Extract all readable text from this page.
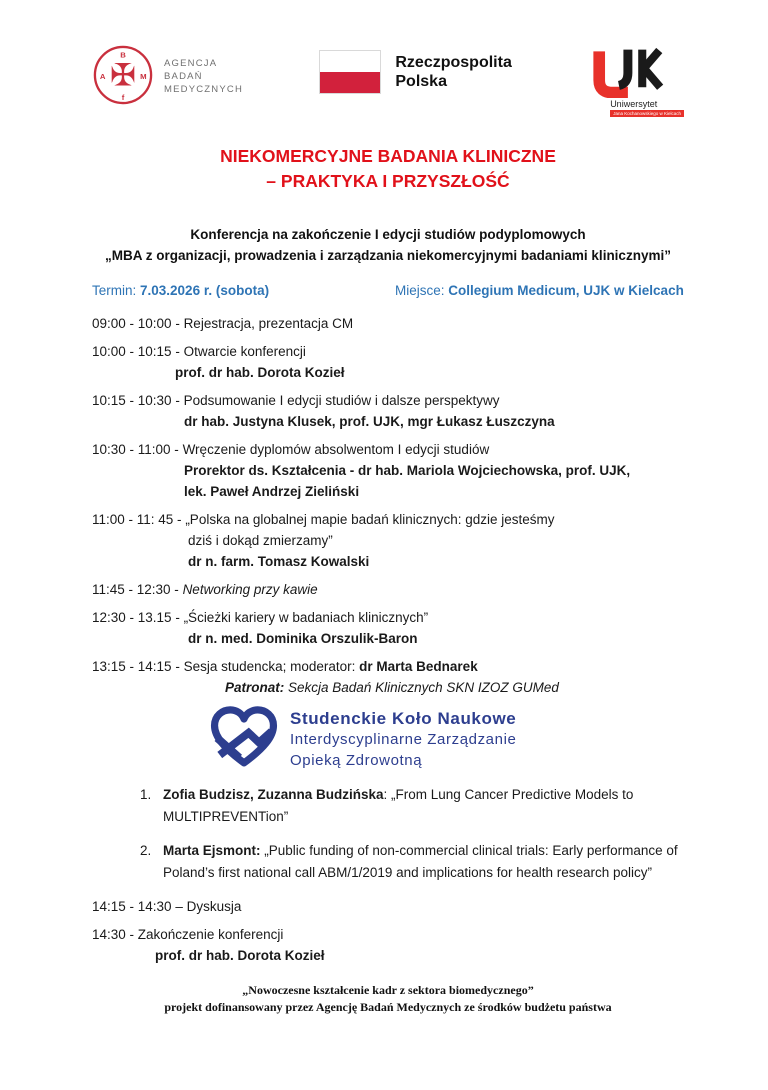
✠
B
A	M
f
AGENCJA
BADAŃ
MEDYCZNYCH
Rzeczpospolita
Polska
Uniwersytet
Jana Kochanowskiego w Kielcach
NIEKOMERCYJNE BADANIA KLINICZNE
– PRAKTYKA I PRZYSZŁOŚĆ
Konferencja na zakończenie I edycji studiów podyplomowych
„MBA z organizacji, prowadzenia i zarządzania niekomercyjnymi badaniami klinicznymi”
Termin: 7.03.2026 r. (sobota)	Miejsce: Collegium Medicum, UJK w Kielcach
09:00 - 10:00 - Rejestracja, prezentacja CM
10:00 - 10:15 - Otwarcie konferencji
prof. dr hab. Dorota Kozieł
10:15 - 10:30 - Podsumowanie I edycji studiów i dalsze perspektywy
dr hab. Justyna Klusek, prof. UJK, mgr Łukasz Łuszczyna
10:30 - 11:00 - Wręczenie dyplomów absolwentom I edycji studiów
Prorektor ds. Kształcenia - dr hab. Mariola Wojciechowska, prof. UJK,
lek. Paweł Andrzej Zieliński
11:00 - 11: 45 - „Polska na globalnej mapie badań klinicznych: gdzie jesteśmy
dziś i dokąd zmierzamy”
dr n. farm. Tomasz Kowalski
11:45 - 12:30 - Networking przy kawie
12:30 - 13.15 - „Ścieżki kariery w badaniach klinicznych”
dr n. med. Dominika Orszulik-Baron
13:15 - 14:15 - Sesja studencka; moderator: dr Marta Bednarek
Patronat: Sekcja Badań Klinicznych SKN IZOZ GUMed
Studenckie Koło Naukowe
Interdyscyplinarne Zarządzanie
Opieką Zdrowotną
1. Zofia Budzisz, Zuzanna Budzińska: „From Lung Cancer Predictive Models to MULTIPREVENTion”
2. Marta Ejsmont: „Public funding of non-commercial clinical trials: Early performance of Poland’s first national call ABM/1/2019 and implications for health research policy”
14:15 - 14:30 – Dyskusja
14:30 - Zakończenie konferencji
prof. dr hab. Dorota Kozieł
„Nowoczesne kształcenie kadr z sektora biomedycznego”
projekt dofinansowany przez Agencję Badań Medycznych ze środków budżetu państwa
